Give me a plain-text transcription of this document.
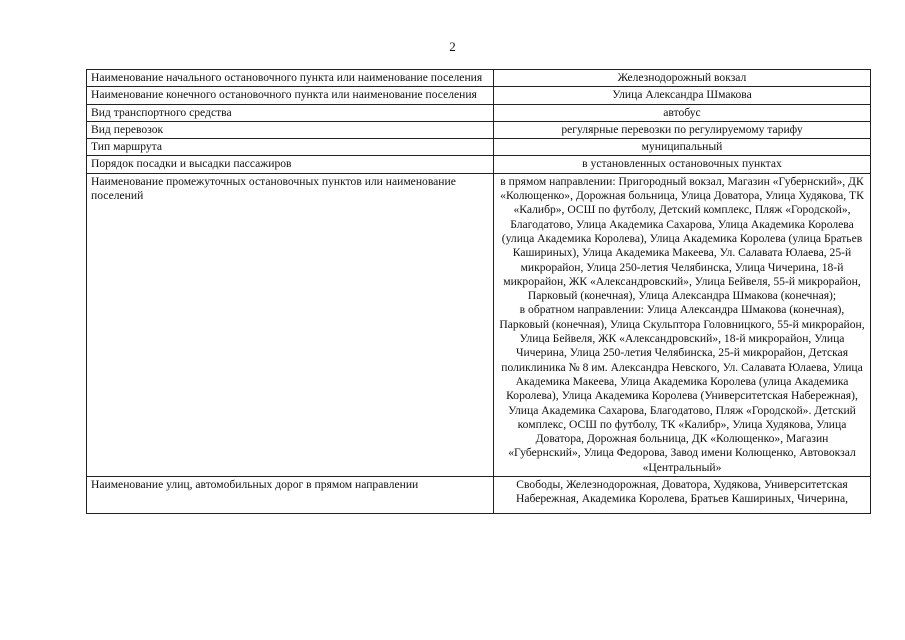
2
Наименование начального остановочного пункта или наименование поселения	Железнодорожный вокзал
Наименование конечного остановочного пункта или наименование поселения	Улица Александра Шмакова
Вид транспортного средства	автобус
Вид перевозок	регулярные перевозки по регулируемому тарифу
Тип маршрута	муниципальный
Порядок посадки и высадки пассажиров	в установленных остановочных пунктах
Наименование промежуточных остановочных пунктов или наименование поселений	в прямом направлении: Пригородный вокзал, Магазин «Губернский», ДК «Колющенко», Дорожная больница, Улица Доватора, Улица Худякова, ТК «Калибр», ОСШ по футболу, Детский комплекс, Пляж «Городской», Благодатово, Улица Академика Сахарова, Улица Академика Королева (улица Академика Королева), Улица Академика Королева (улица Братьев Кашириных), Улица Академика Макеева, Ул. Салавата Юлаева, 25-й микрорайон, Улица 250-летия Челябинска, Улица Чичерина, 18-й микрорайон, ЖК «Александровский», Улица Бейвеля, 55-й микрорайон, Парковый (конечная), Улица Александра Шмакова (конечная);
в обратном направлении: Улица Александра Шмакова (конечная), Парковый (конечная), Улица Скульптора Головницкого, 55-й микрорайон, Улица Бейвеля, ЖК «Александровский», 18-й микрорайон, Улица Чичерина, Улица 250-летия Челябинска, 25-й микрорайон, Детская поликлиника № 8 им. Александра Невского, Ул. Салавата Юлаева, Улица Академика Макеева, Улица Академика Королева (улица Академика Королева), Улица Академика Королева (Университетская Набережная), Улица Академика Сахарова, Благодатово, Пляж «Городской». Детский комплекс, ОСШ по футболу, ТК «Калибр», Улица Худякова, Улица Доватора, Дорожная больница, ДК «Колющенко», Магазин «Губернский», Улица Федорова, Завод имени Колющенко, Автовокзал «Центральный»

Наименование улиц, автомобильных дорог в прямом направлении	Свободы, Железнодорожная, Доватора, Худякова, Университетская Набережная, Академика Королева, Братьев Кашириных, Чичерина,
